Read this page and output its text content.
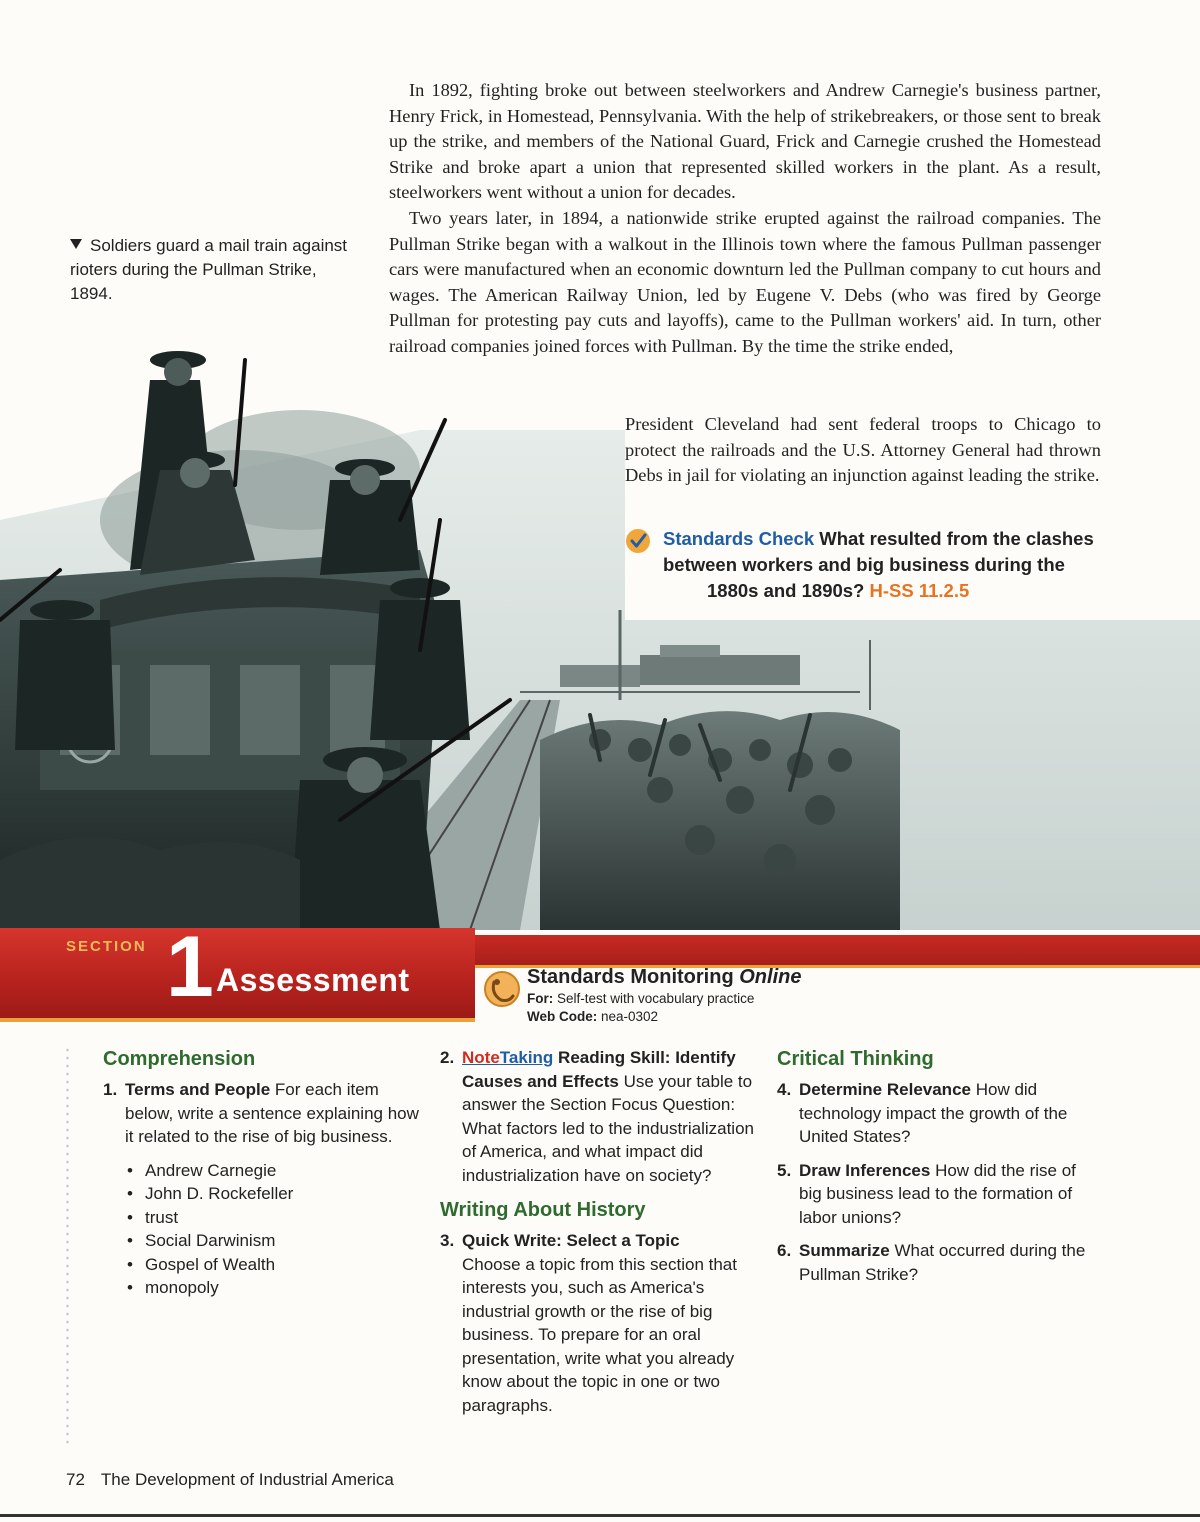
In 1892, fighting broke out between steelworkers and Andrew Carnegie's business partner, Henry Frick, in Homestead, Pennsylvania. With the help of strikebreakers, or those sent to break up the strike, and members of the National Guard, Frick and Carnegie crushed the Homestead Strike and broke apart a union that represented skilled workers in the plant. As a result, steelworkers went without a union for decades.

Two years later, in 1894, a nationwide strike erupted against the railroad companies. The Pullman Strike began with a walkout in the Illinois town where the famous Pullman passenger cars were manufactured when an economic downturn led the Pullman company to cut hours and wages. The American Railway Union, led by Eugene V. Debs (who was fired by George Pullman for protesting pay cuts and layoffs), came to the Pullman workers' aid. In turn, other railroad companies joined forces with Pullman. By the time the strike ended,

President Cleveland had sent federal troops to Chicago to protect the railroads and the U.S. Attorney General had thrown Debs in jail for violating an injunction against leading the strike.
Soldiers guard a mail train against rioters during the Pullman Strike, 1894.
Standards Check What resulted from the clashes
between workers and big business during the
1880s and 1890s? H-SS 11.2.5
SECTION 1 Assessment	Standards Monitoring Online
For: Self-test with vocabulary practice
Web Code: nea-0302
Comprehension
1. Terms and People For each item below, write a sentence explaining how it related to the rise of big business.
• Andrew Carnegie
• John D. Rockefeller
• trust
• Social Darwinism
• Gospel of Wealth
• monopoly
2. NoteTaking Reading Skill: Identify Causes and Effects Use your table to answer the Section Focus Question: What factors led to the industrialization of America, and what impact did industrialization have on society?
Writing About History
3. Quick Write: Select a Topic
Choose a topic from this section that interests you, such as America's industrial growth or the rise of big business. To prepare for an oral presentation, write what you already know about the topic in one or two paragraphs.
Critical Thinking
4. Determine Relevance How did technology impact the growth of the United States?
5. Draw Inferences How did the rise of big business lead to the formation of labor unions?
6. Summarize What occurred during the Pullman Strike?
72 The Development of Industrial America
